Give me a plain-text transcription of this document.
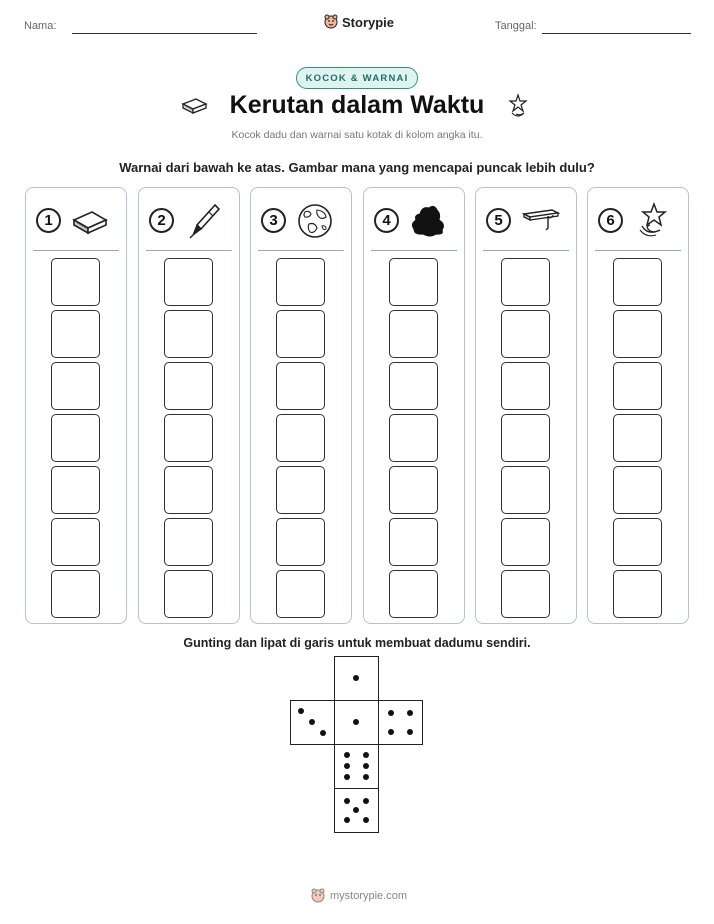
Nama:	Storypie	Tanggal:
KOCOK & WARNAI
Kerutan dalam Waktu
Kocok dadu dan warnai satu kotak di kolom angka itu.
Warnai dari bawah ke atas. Gambar mana yang mencapai puncak lebih dulu?
1	2	3	4	5	6
Gunting dan lipat di garis untuk membuat dadumu sendiri.
mystorypie.com
